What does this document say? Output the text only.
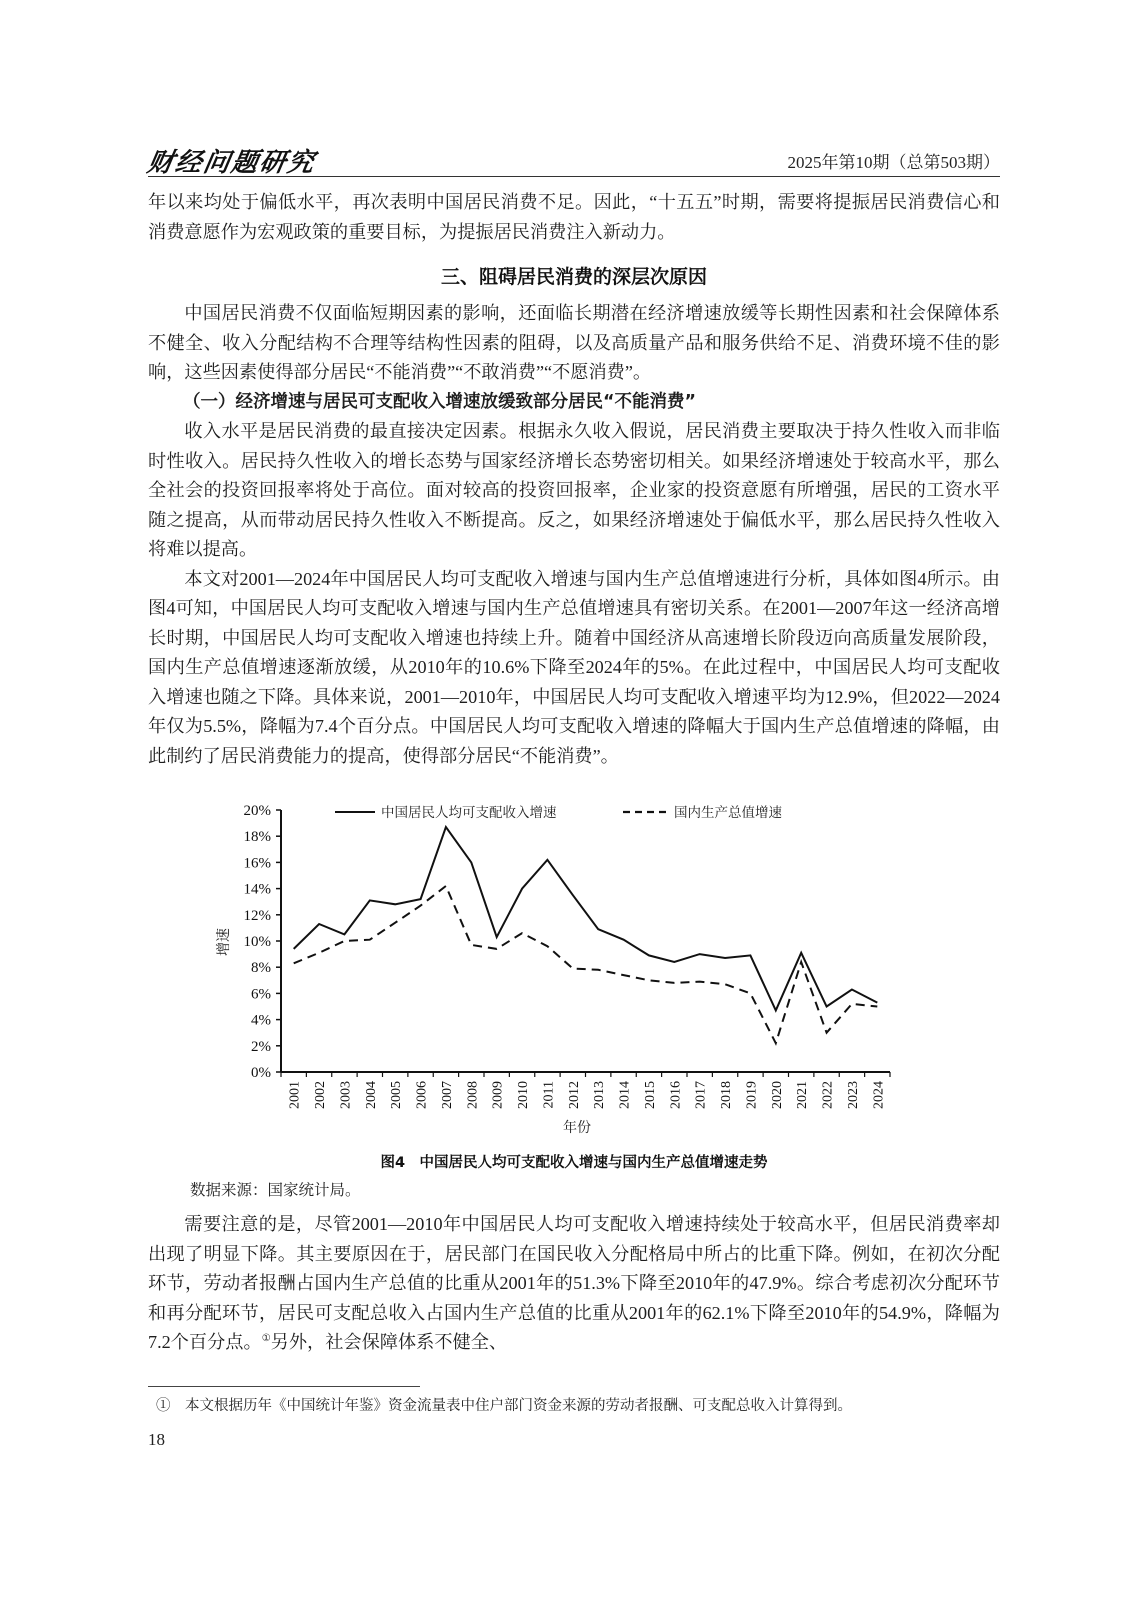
财经问题研究	2025年第10期（总第503期）

年以来均处于偏低水平，再次表明中国居民消费不足。因此，“十五五”时期，需要将提振居民消费信心和消费意愿作为宏观政策的重要目标，为提振居民消费注入新动力。

三、阻碍居民消费的深层次原因

中国居民消费不仅面临短期因素的影响，还面临长期潜在经济增速放缓等长期性因素和社会保障体系不健全、收入分配结构不合理等结构性因素的阻碍，以及高质量产品和服务供给不足、消费环境不佳的影响，这些因素使得部分居民“不能消费”“不敢消费”“不愿消费”。

（一）经济增速与居民可支配收入增速放缓致部分居民“不能消费”

收入水平是居民消费的最直接决定因素。根据永久收入假说，居民消费主要取决于持久性收入而非临时性收入。居民持久性收入的增长态势与国家经济增长态势密切相关。如果经济增速处于较高水平，那么全社会的投资回报率将处于高位。面对较高的投资回报率，企业家的投资意愿有所增强，居民的工资水平随之提高，从而带动居民持久性收入不断提高。反之，如果经济增速处于偏低水平，那么居民持久性收入将难以提高。

本文对2001—2024年中国居民人均可支配收入增速与国内生产总值增速进行分析，具体如图4所示。由图4可知，中国居民人均可支配收入增速与国内生产总值增速具有密切关系。在2001—2007年这一经济高增长时期，中国居民人均可支配收入增速也持续上升。随着中国经济从高速增长阶段迈向高质量发展阶段，国内生产总值增速逐渐放缓，从2010年的10.6%下降至2024年的5%。在此过程中，中国居民人均可支配收入增速也随之下降。具体来说，2001—2010年，中国居民人均可支配收入增速平均为12.9%，但2022—2024年仅为5.5%，降幅为7.4个百分点。中国居民人均可支配收入增速的降幅大于国内生产总值增速的降幅，由此制约了居民消费能力的提高，使得部分居民“不能消费”。

0%
2%
4%
6%
8%
10%
12%
14%
16%
18%
20%
2001 2002 2003 2004 2005 2006 2007 2008 2009 2010 2011 2012 2013 2014 2015 2016 2017 2018 2019 2020 2021 2022 2023 2024
中国居民人均可支配收入增速	国内生产总值增速
增速
年份
图4　中国居民人均可支配收入增速与国内生产总值增速走势
数据来源：国家统计局。

需要注意的是，尽管2001—2010年中国居民人均可支配收入增速持续处于较高水平，但居民消费率却出现了明显下降。其主要原因在于，居民部门在国民收入分配格局中所占的比重下降。例如，在初次分配环节，劳动者报酬占国内生产总值的比重从2001年的51.3%下降至2010年的47.9%。综合考虑初次分配环节和再分配环节，居民可支配总收入占国内生产总值的比重从2001年的62.1%下降至2010年的54.9%，降幅为7.2个百分点。①另外，社会保障体系不健全、

①　本文根据历年《中国统计年鉴》资金流量表中住户部门资金来源的劳动者报酬、可支配总收入计算得到。
18
